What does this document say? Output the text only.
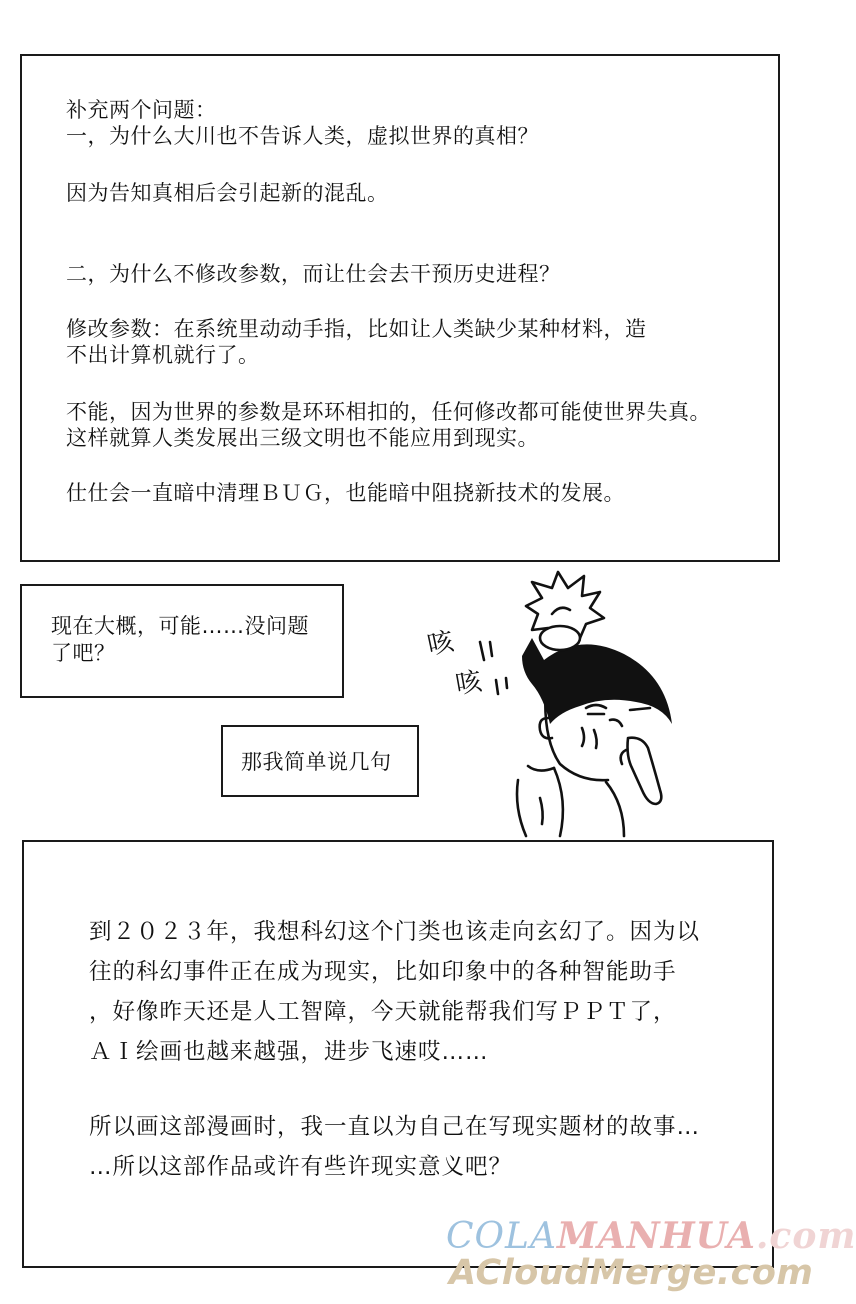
补充两个问题：
一，为什么大川也不告诉人类，虚拟世界的真相？
因为告知真相后会引起新的混乱。
二，为什么不修改参数，而让仕会去干预历史进程？
修改参数：在系统里动动手指，比如让人类缺少某种材料，造
不出计算机就行了。
不能，因为世界的参数是环环相扣的，任何修改都可能使世界失真。
这样就算人类发展出三级文明也不能应用到现实。
仕仕会一直暗中清理ＢＵＧ，也能暗中阻挠新技术的发展。
现在大概，可能……没问题
了吧？
那我简单说几句
咳
咳
到２０２３年，我想科幻这个门类也该走向玄幻了。因为以
往的科幻事件正在成为现实，比如印象中的各种智能助手
，好像昨天还是人工智障，今天就能帮我们写ＰＰＴ了，
ＡＩ绘画也越来越强，进步飞速哎……
所以画这部漫画时，我一直以为自己在写现实题材的故事…
…所以这部作品或许有些许现实意义吧？
COLAMANHUA.com
ACloudMerge.com
